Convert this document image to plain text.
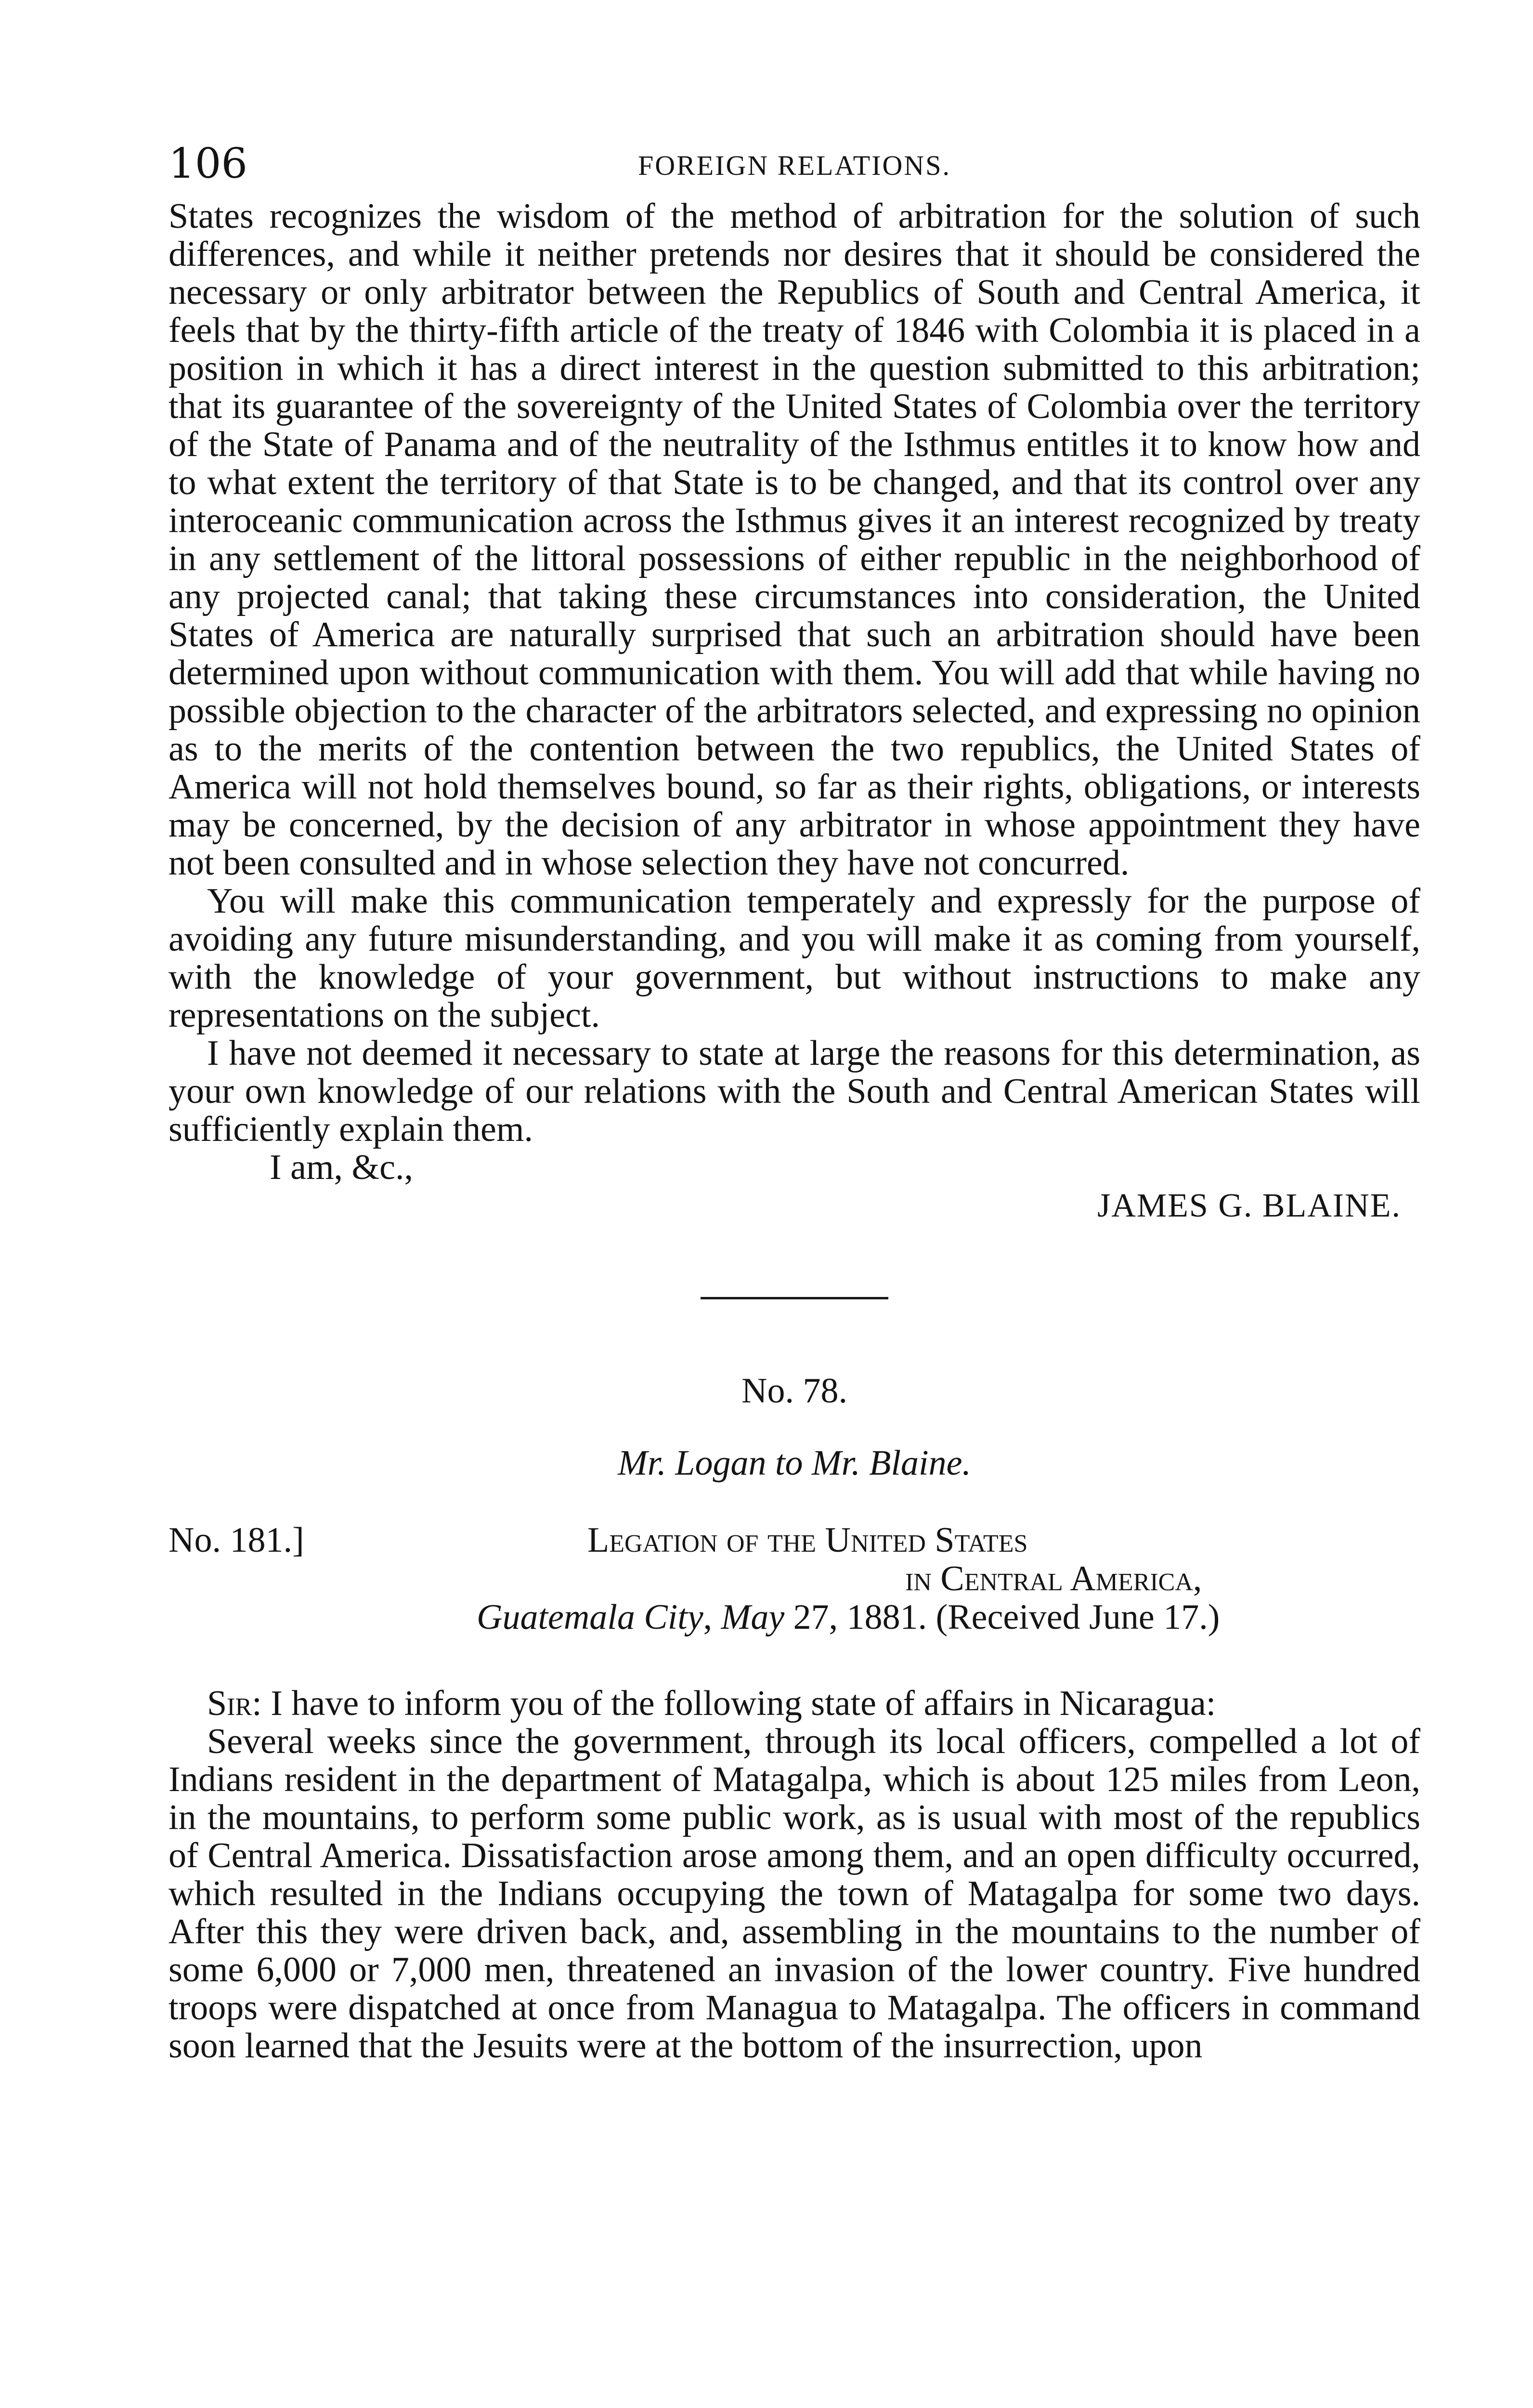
106	FOREIGN RELATIONS.

States recognizes the wisdom of the method of arbitration for the solution of such differences, and while it neither pretends nor desires that it should be considered the necessary or only arbitrator between the Republics of South and Central America, it feels that by the thirty-fifth article of the treaty of 1846 with Colombia it is placed in a position in which it has a direct interest in the question submitted to this arbitration; that its guarantee of the sovereignty of the United States of Colombia over the territory of the State of Panama and of the neutrality of the Isthmus entitles it to know how and to what extent the territory of that State is to be changed, and that its control over any interoceanic communication across the Isthmus gives it an interest recognized by treaty in any settlement of the littoral possessions of either republic in the neighborhood of any projected canal; that taking these circumstances into consideration, the United States of America are naturally surprised that such an arbitration should have been determined upon without communication with them. You will add that while having no possible objection to the character of the arbitrators selected, and expressing no opinion as to the merits of the contention between the two republics, the United States of America will not hold themselves bound, so far as their rights, obligations, or interests may be concerned, by the decision of any arbitrator in whose appointment they have not been consulted and in whose selection they have not concurred.

You will make this communication temperately and expressly for the purpose of avoiding any future misunderstanding, and you will make it as coming from yourself, with the knowledge of your government, but without instructions to make any representations on the subject.

I have not deemed it necessary to state at large the reasons for this determination, as your own knowledge of our relations with the South and Central American States will sufficiently explain them.

I am, &c.,

JAMES G. BLAINE.

No. 78.

Mr. Logan to Mr. Blaine.

No. 181.]	Legation of the United States
in Central America,
Guatemala City, May 27, 1881. (Received June 17.)

Sir: I have to inform you of the following state of affairs in Nicaragua:

Several weeks since the government, through its local officers, compelled a lot of Indians resident in the department of Matagalpa, which is about 125 miles from Leon, in the mountains, to perform some public work, as is usual with most of the republics of Central America. Dissatisfaction arose among them, and an open difficulty occurred, which resulted in the Indians occupying the town of Matagalpa for some two days. After this they were driven back, and, assembling in the mountains to the number of some 6,000 or 7,000 men, threatened an invasion of the lower country. Five hundred troops were dispatched at once from Managua to Matagalpa. The officers in command soon learned that the Jesuits were at the bottom of the insurrection, upon
